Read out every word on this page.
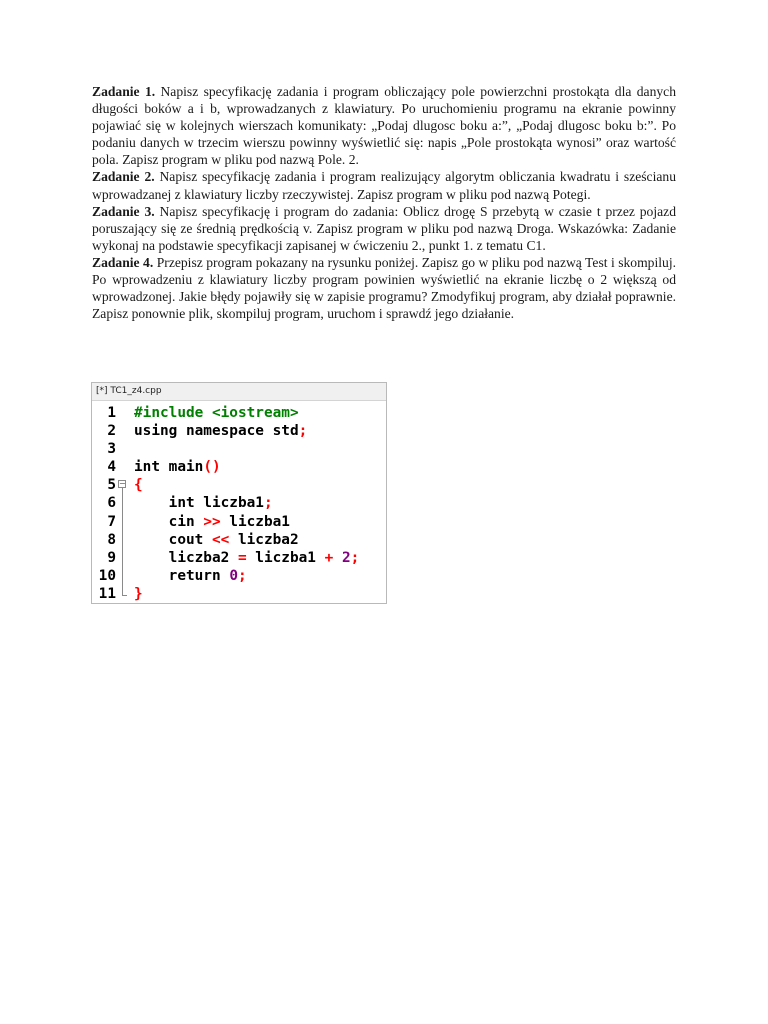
Zadanie 1. Napisz specyfikację zadania i program obliczający pole powierzchni prostokąta dla danych długości boków a i b, wprowadzanych z klawiatury. Po uruchomieniu programu na ekranie powinny pojawiać się w kolejnych wierszach komunikaty: „Podaj dlugosc boku a:”, „Podaj dlugosc boku b:”. Po podaniu danych w trzecim wierszu powinny wyświetlić się: napis „Pole prostokąta wynosi” oraz wartość pola. Zapisz program w pliku pod nazwą Pole. 2.

Zadanie 2. Napisz specyfikację zadania i program realizujący algorytm obliczania kwadratu i sześcianu wprowadzanej z klawiatury liczby rzeczywistej. Zapisz program w pliku pod nazwą Potegi.

Zadanie 3. Napisz specyfikację i program do zadania: Oblicz drogę S przebytą w czasie t przez pojazd poruszający się ze średnią prędkością v. Zapisz program w pliku pod nazwą Droga. Wskazówka: Zadanie wykonaj na podstawie specyfikacji zapisanej w ćwiczeniu 2., punkt 1. z tematu C1.

Zadanie 4. Przepisz program pokazany na rysunku poniżej. Zapisz go w pliku pod nazwą Test i skompiluj. Po wprowadzeniu z klawiatury liczby program powinien wyświetlić na ekranie liczbę o 2 większą od wprowadzonej. Jakie błędy pojawiły się w zapisie programu? Zmodyfikuj program, aby działał poprawnie. Zapisz ponownie plik, skompiluj program, uruchom i sprawdź jego działanie.

[*] TC1_z4.cpp
1 #include <iostream>
2 using namespace std;
3
4 int main()
5 − {
6 int liczba1;
7 cin >> liczba1
8 cout << liczba2
9 liczba2 = liczba1 + 2;
10 return 0;
11 }
